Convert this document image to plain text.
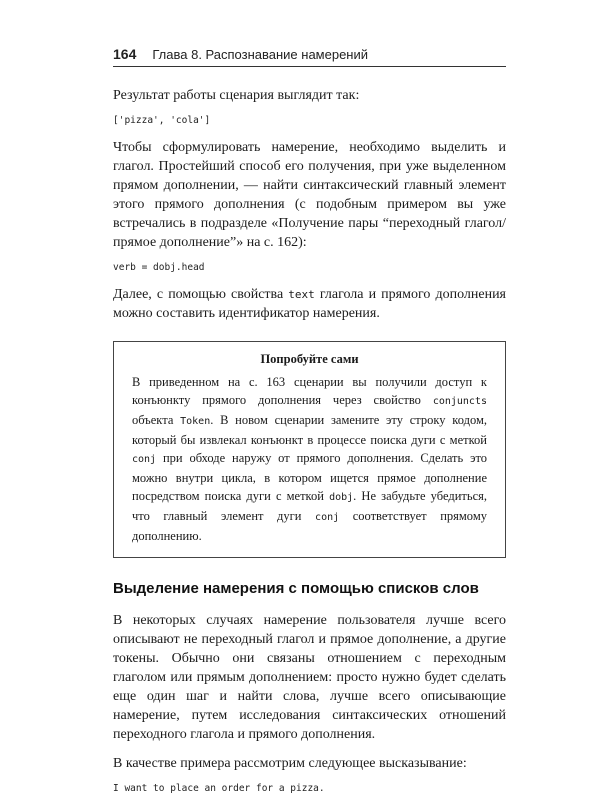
164 Глава 8. Распознавание намерений

Результат работы сценария выглядит так:

['pizza', 'cola']

Чтобы сформулировать намерение, необходимо выделить и глагол. Простейший способ его получения, при уже выделенном прямом дополнении, — найти синтаксический главный элемент этого прямого дополнения (с подобным примером вы уже встречались в подразделе «Получение пары “переходный глагол/прямое дополнение”» на с. 162):

verb = dobj.head

Далее, с помощью свойства text глагола и прямого дополнения можно составить идентификатор намерения.

Попробуйте сами

В приведенном на с. 163 сценарии вы получили доступ к конъюнкту прямого дополнения через свойство conjuncts объекта Token. В новом сценарии замените эту строку кодом, который бы извлекал конъюнкт в процессе поиска дуги с меткой conj при обходе наружу от прямого дополнения. Сделать это можно внутри цикла, в котором ищется прямое дополнение посредством поиска дуги с меткой dobj. Не забудьте убедиться, что главный элемент дуги conj соответствует прямому дополнению.

Выделение намерения с помощью списков слов

В некоторых случаях намерение пользователя лучше всего описывают не переходный глагол и прямое дополнение, а другие токены. Обычно они связаны отношением с переходным глаголом или прямым дополнением: просто нужно будет сделать еще один шаг и найти слова, лучше всего описывающие намерение, путем исследования синтаксических отношений переходного глагола и прямого дополнения.

В качестве примера рассмотрим следующее высказывание:

I want to place an order for a pizza.
